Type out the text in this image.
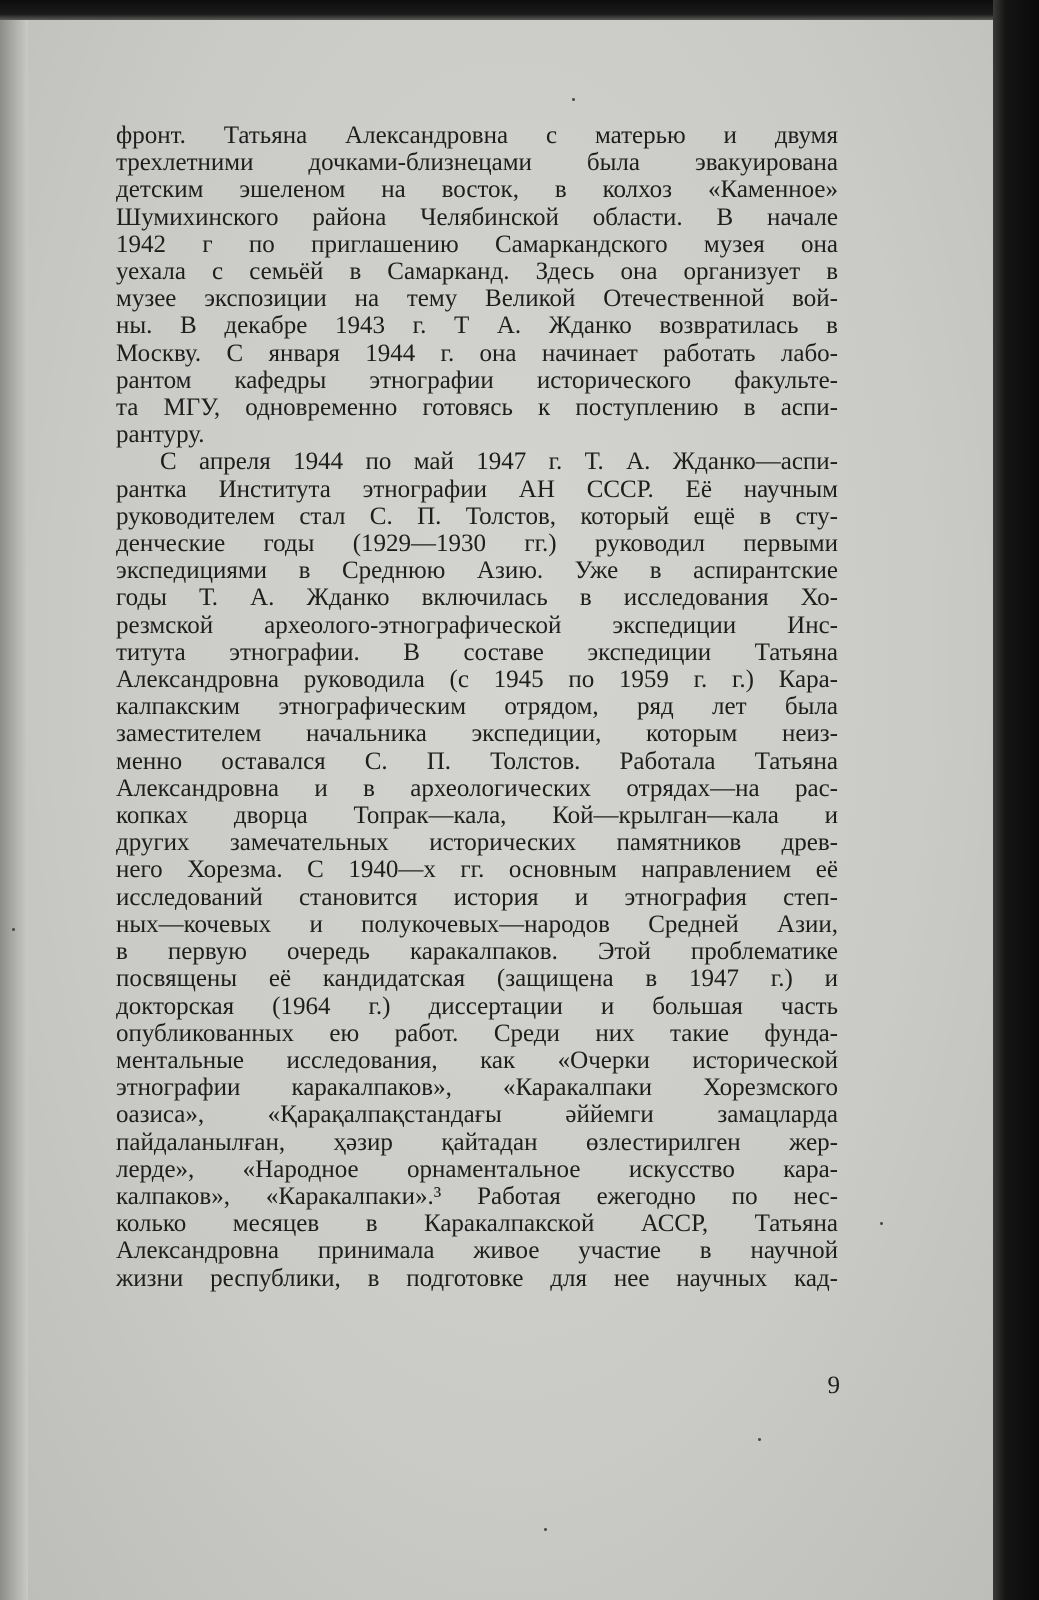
фронт. Татьяна Александровна с матерью и двумя
трехлетними дочками-близнецами была эвакуирована
детским эшеленом на восток, в колхоз «Каменное»
Шумихинского района Челябинской области. В начале
1942 г по приглашению Самаркандского музея она
уехала с семьёй в Самарканд. Здесь она организует в
музее экспозиции на тему Великой Отечественной вой-
ны. В декабре 1943 г. Т А. Жданко возвратилась в
Москву. С января 1944 г. она начинает работать лабо-
рантом кафедры этнографии исторического факульте-
та МГУ, одновременно готовясь к поступлению в аспи-
рантуру.
С апреля 1944 по май 1947 г. Т. А. Жданко—аспи-
рантка Института этнографии АН СССР. Её научным
руководителем стал С. П. Толстов, который ещё в сту-
денческие годы (1929—1930 гг.) руководил первыми
экспедициями в Среднюю Азию. Уже в аспирантские
годы Т. А. Жданко включилась в исследования Хо-
резмской археолого-этнографической экспедиции Инс-
титута этнографии. В составе экспедиции Татьяна
Александровна руководила (с 1945 по 1959 г. г.) Кара-
калпакским этнографическим отрядом, ряд лет была
заместителем начальника экспедиции, которым неиз-
менно оставался С. П. Толстов. Работала Татьяна
Александровна и в археологических отрядах—на рас-
копках дворца Топрак—кала, Кой—крылган—кала и
других замечательных исторических памятников древ-
него Хорезма. С 1940—х гг. основным направлением её
исследований становится история и этнография степ-
ных—кочевых и полукочевых—народов Средней Азии,
в первую очередь каракалпаков. Этой проблематике
посвящены её кандидатская (защищена в 1947 г.) и
докторская (1964 г.) диссертации и большая часть
опубликованных ею работ. Среди них такие фунда-
ментальные исследования, как «Очерки исторической
этнографии каракалпаков», «Каракалпаки Хорезмского
оазиса», «Қарақалпақстандағы әййемги замацларда
пайдаланылған, ҳәзир қайтадан өзлестирилген жер-
лерде», «Народное орнаментальное искусство кара-
калпаков», «Каракалпаки».³ Работая ежегодно по нес-
колько месяцев в Каракалпакской АССР, Татьяна
Александровна принимала живое участие в научной
жизни республики, в подготовке для нее научных кад-
9
